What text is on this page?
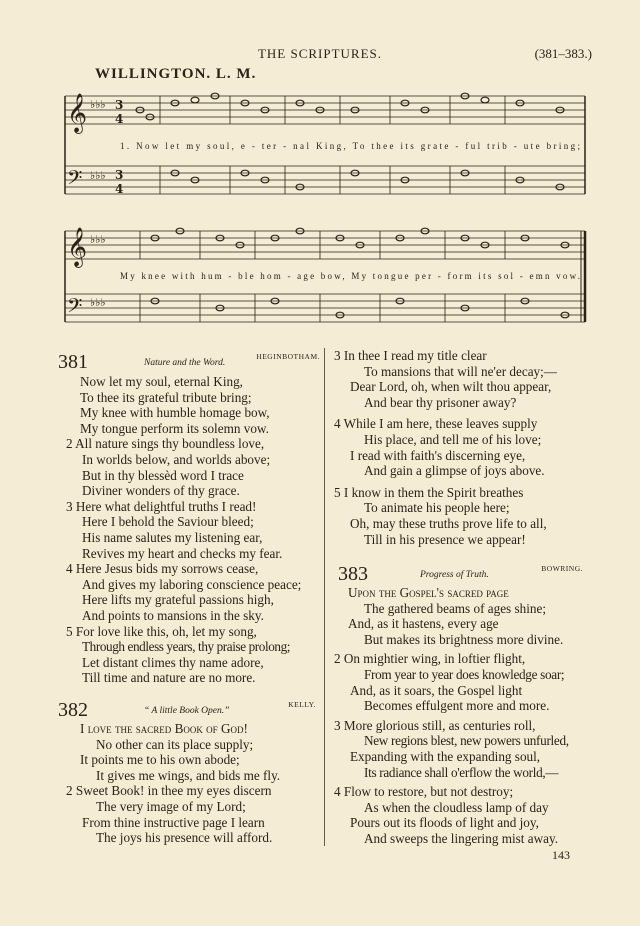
THE SCRIPTURES.	(381–383.)
WILLINGTON. L. M.
𝄞
𝄢
𝄞
𝄢
♭♭♭
♭♭♭
♭♭♭
♭♭♭
3
4
3
4
1. Now let my soul, e - ter - nal King, To thee its grate - ful trib - ute bring;
My knee with hum - ble hom - age bow, My tongue per - form its sol - emn vow.
381	Nature and the Word.
HEGINBOTHAM.
Now let my soul, eternal King,
To thee its grateful tribute bring;
My knee with humble homage bow,
My tongue perform its solemn vow.
2 All nature sings thy boundless love,
In worlds below, and worlds above;
But in thy blessèd word I trace
Diviner wonders of thy grace.
3 Here what delightful truths I read!
Here I behold the Saviour bleed;
His name salutes my listening ear,
Revives my heart and checks my fear.
4 Here Jesus bids my sorrows cease,
And gives my laboring conscience peace;
Here lifts my grateful passions high,
And points to mansions in the sky.
5 For love like this, oh, let my song,
Through endless years, thy praise prolong;
Let distant climes thy name adore,
Till time and nature are no more.
382	“ A little Book Open.”
KELLY.
I love the sacred Book of God!
No other can its place supply;
It points me to his own abode;
It gives me wings, and bids me fly.
2 Sweet Book! in thee my eyes discern
The very image of my Lord;
From thine instructive page I learn
The joys his presence will afford.
3 In thee I read my title clear
To mansions that will ne'er decay;—
Dear Lord, oh, when wilt thou appear,
And bear thy prisoner away?
4 While I am here, these leaves supply
His place, and tell me of his love;
I read with faith's discerning eye,
And gain a glimpse of joys above.
5 I know in them the Spirit breathes
To animate his people here;
Oh, may these truths prove life to all,
Till in his presence we appear!
383	Progress of Truth.
BOWRING.
Upon the Gospel's sacred page
The gathered beams of ages shine;
And, as it hastens, every age
But makes its brightness more divine.
2 On mightier wing, in loftier flight,
From year to year does knowledge soar;
And, as it soars, the Gospel light
Becomes effulgent more and more.
3 More glorious still, as centuries roll,
New regions blest, new powers unfurled,
Expanding with the expanding soul,
Its radiance shall o'erflow the world,—
4 Flow to restore, but not destroy;
As when the cloudless lamp of day
Pours out its floods of light and joy,
And sweeps the lingering mist away.
143
